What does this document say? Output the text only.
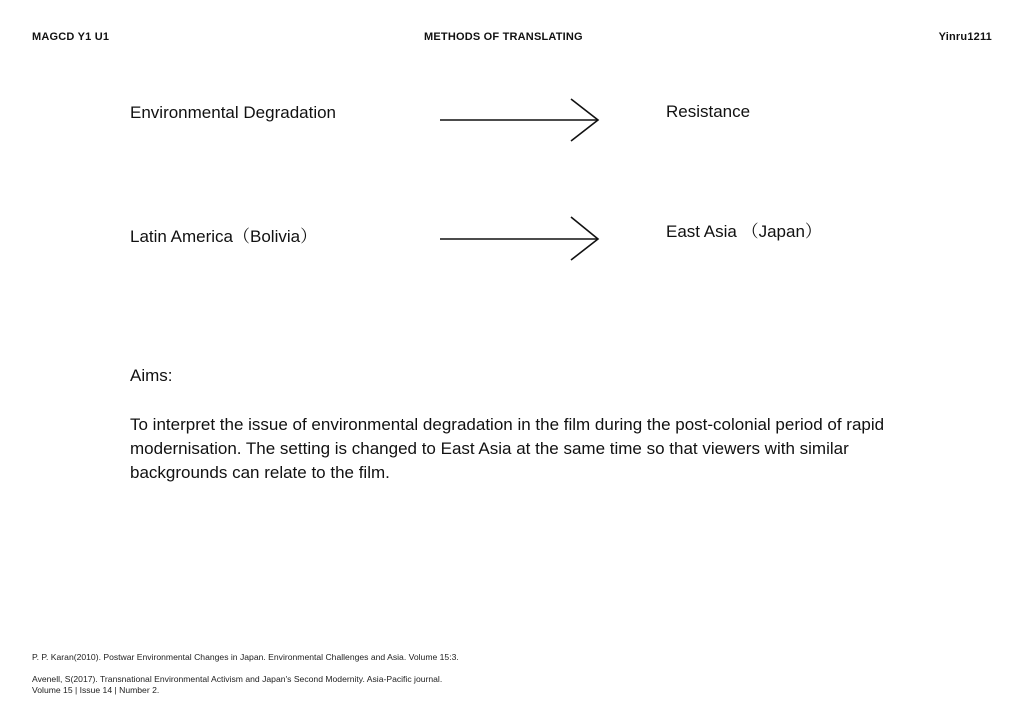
MAGCD Y1 U1	METHODS OF TRANSLATING	Yinru1211
Environmental Degradation	Resistance
Latin America（Bolivia）	East Asia （Japan）
Aims:
To interpret the issue of environmental degradation in the film during the post-colonial period of rapid modernisation. The setting is changed to East Asia at the same time so that viewers with similar backgrounds can relate to the film.
P. P. Karan(2010). Postwar Environmental Changes in Japan. Environmental Challenges and Asia. Volume 15:3.
Avenell, S(2017). Transnational Environmental Activism and Japan's Second Modernity. Asia-Pacific journal. Volume 15 | Issue 14 | Number 2.
